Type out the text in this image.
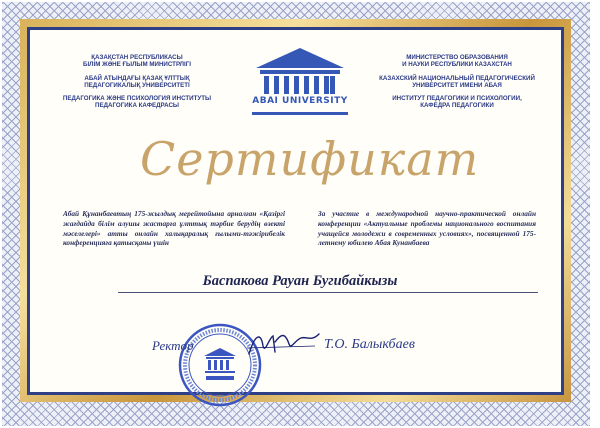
ҚАЗАҚСТАН РЕСПУБЛИКАСЫ
БІЛІМ ЖӘНЕ ҒЫЛЫМ МИНИСТРЛІГІ
АБАЙ АТЫНДАҒЫ ҚАЗАҚ ҰЛТТЫҚ
ПЕДАГОГИКАЛЫҚ УНИВЕРСИТЕТІ
ПЕДАГОГИКА ЖӘНЕ ПСИХОЛОГИЯ ИНСТИТУТЫ
ПЕДАГОГИКА КАФЕДРАСЫ
МИНИСТЕРСТВО ОБРАЗОВАНИЯ
И НАУКИ РЕСПУБЛИКИ КАЗАХСТАН
КАЗАХСКИЙ НАЦИОНАЛЬНЫЙ ПЕДАГОГИЧЕСКИЙ
УНИВЕРСИТЕТ ИМЕНИ АБАЯ
ИНСТИТУТ ПЕДАГОГИКИ И ПСИХОЛОГИИ,
КАФЕДРА ПЕДАГОГИКИ
ABAI UNIVERSITY
Сертификат
Абай Құнанбаевтың 175-жылдық мерейтойына арналған «Қазіргі жағдайда білім алушы жастарға ұлттық тәрбие берудің өзекті мәселелері» атты онлайн халықаралық ғылыми-тәжірибелік конференцияға қатысқаны үшін
За участие в международной научно-практической онлайн конференции «Актуальные проблемы национального воспитания учащейся молодежи в современных условиях», посвященной 175-летнему юбилею Абая Кунанбаева
Баспакова Рауан Бугибайкызы
Ректор	Т.О. Балыкбаев
Алматы, 2020
